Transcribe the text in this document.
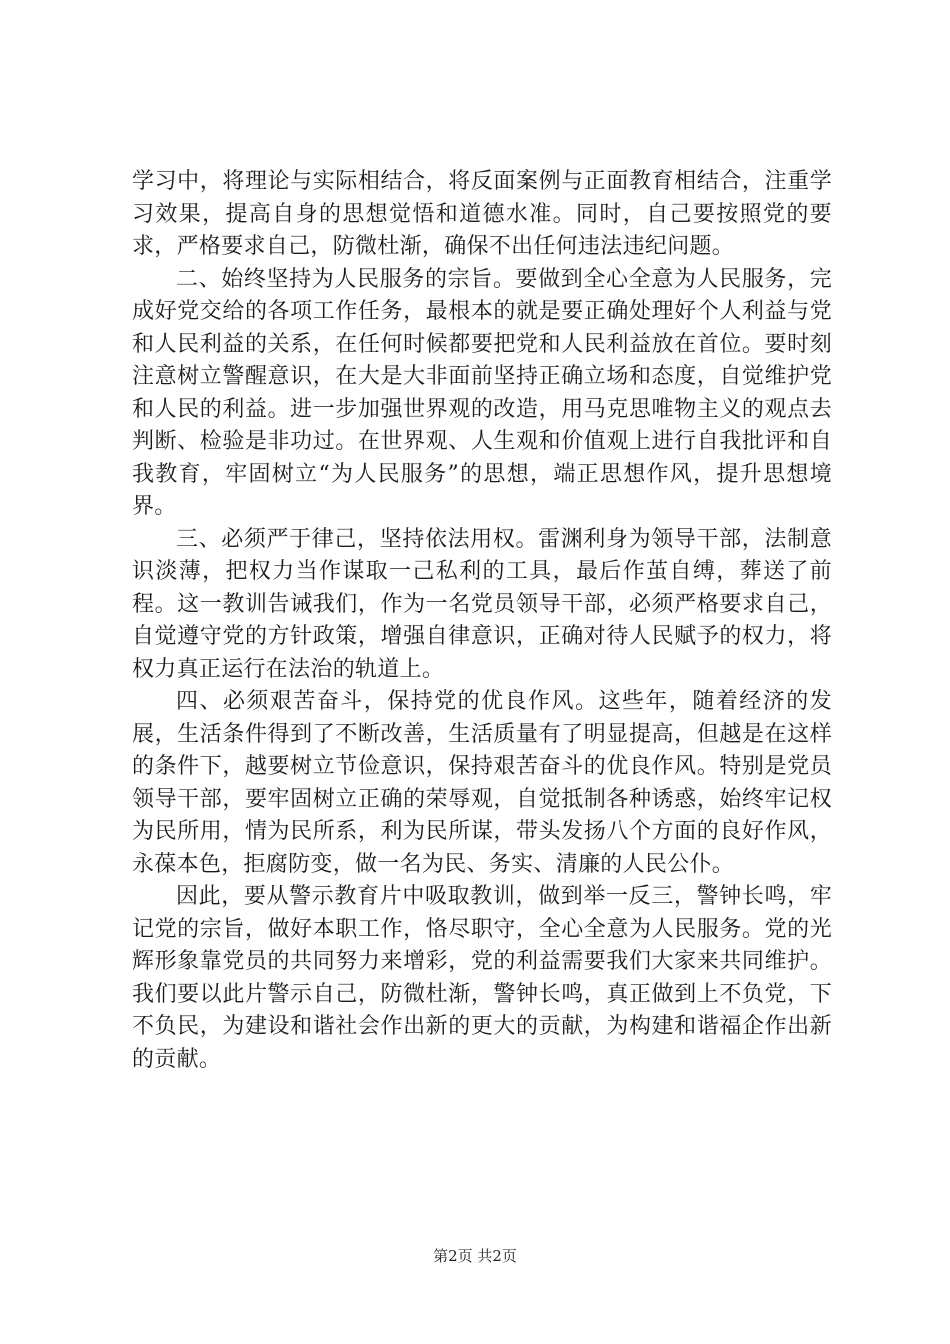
学习中，将理论与实际相结合，将反面案例与正面教育相结合，注重学习效果，提高自身的思想觉悟和道德水准。同时，自己要按照党的要求，严格要求自己，防微杜渐，确保不出任何违法违纪问题。

二、始终坚持为人民服务的宗旨。要做到全心全意为人民服务，完成好党交给的各项工作任务，最根本的就是要正确处理好个人利益与党和人民利益的关系，在任何时候都要把党和人民利益放在首位。要时刻注意树立警醒意识，在大是大非面前坚持正确立场和态度，自觉维护党和人民的利益。进一步加强世界观的改造，用马克思唯物主义的观点去判断、检验是非功过。在世界观、人生观和价值观上进行自我批评和自我教育，牢固树立“为人民服务”的思想，端正思想作风，提升思想境界。

三、必须严于律己，坚持依法用权。雷渊利身为领导干部，法制意识淡薄，把权力当作谋取一己私利的工具，最后作茧自缚，葬送了前程。这一教训告诫我们，作为一名党员领导干部，必须严格要求自己，自觉遵守党的方针政策，增强自律意识，正确对待人民赋予的权力，将权力真正运行在法治的轨道上。

四、必须艰苦奋斗，保持党的优良作风。这些年，随着经济的发展，生活条件得到了不断改善，生活质量有了明显提高，但越是在这样的条件下，越要树立节俭意识，保持艰苦奋斗的优良作风。特别是党员领导干部，要牢固树立正确的荣辱观，自觉抵制各种诱惑，始终牢记权为民所用，情为民所系，利为民所谋，带头发扬八个方面的良好作风，永葆本色，拒腐防变，做一名为民、务实、清廉的人民公仆。

因此，要从警示教育片中吸取教训，做到举一反三，警钟长鸣，牢记党的宗旨，做好本职工作，恪尽职守，全心全意为人民服务。党的光辉形象靠党员的共同努力来增彩，党的利益需要我们大家来共同维护。我们要以此片警示自己，防微杜渐，警钟长鸣，真正做到上不负党，下不负民，为建设和谐社会作出新的更大的贡献，为构建和谐福企作出新的贡献。

第2页 共2页
